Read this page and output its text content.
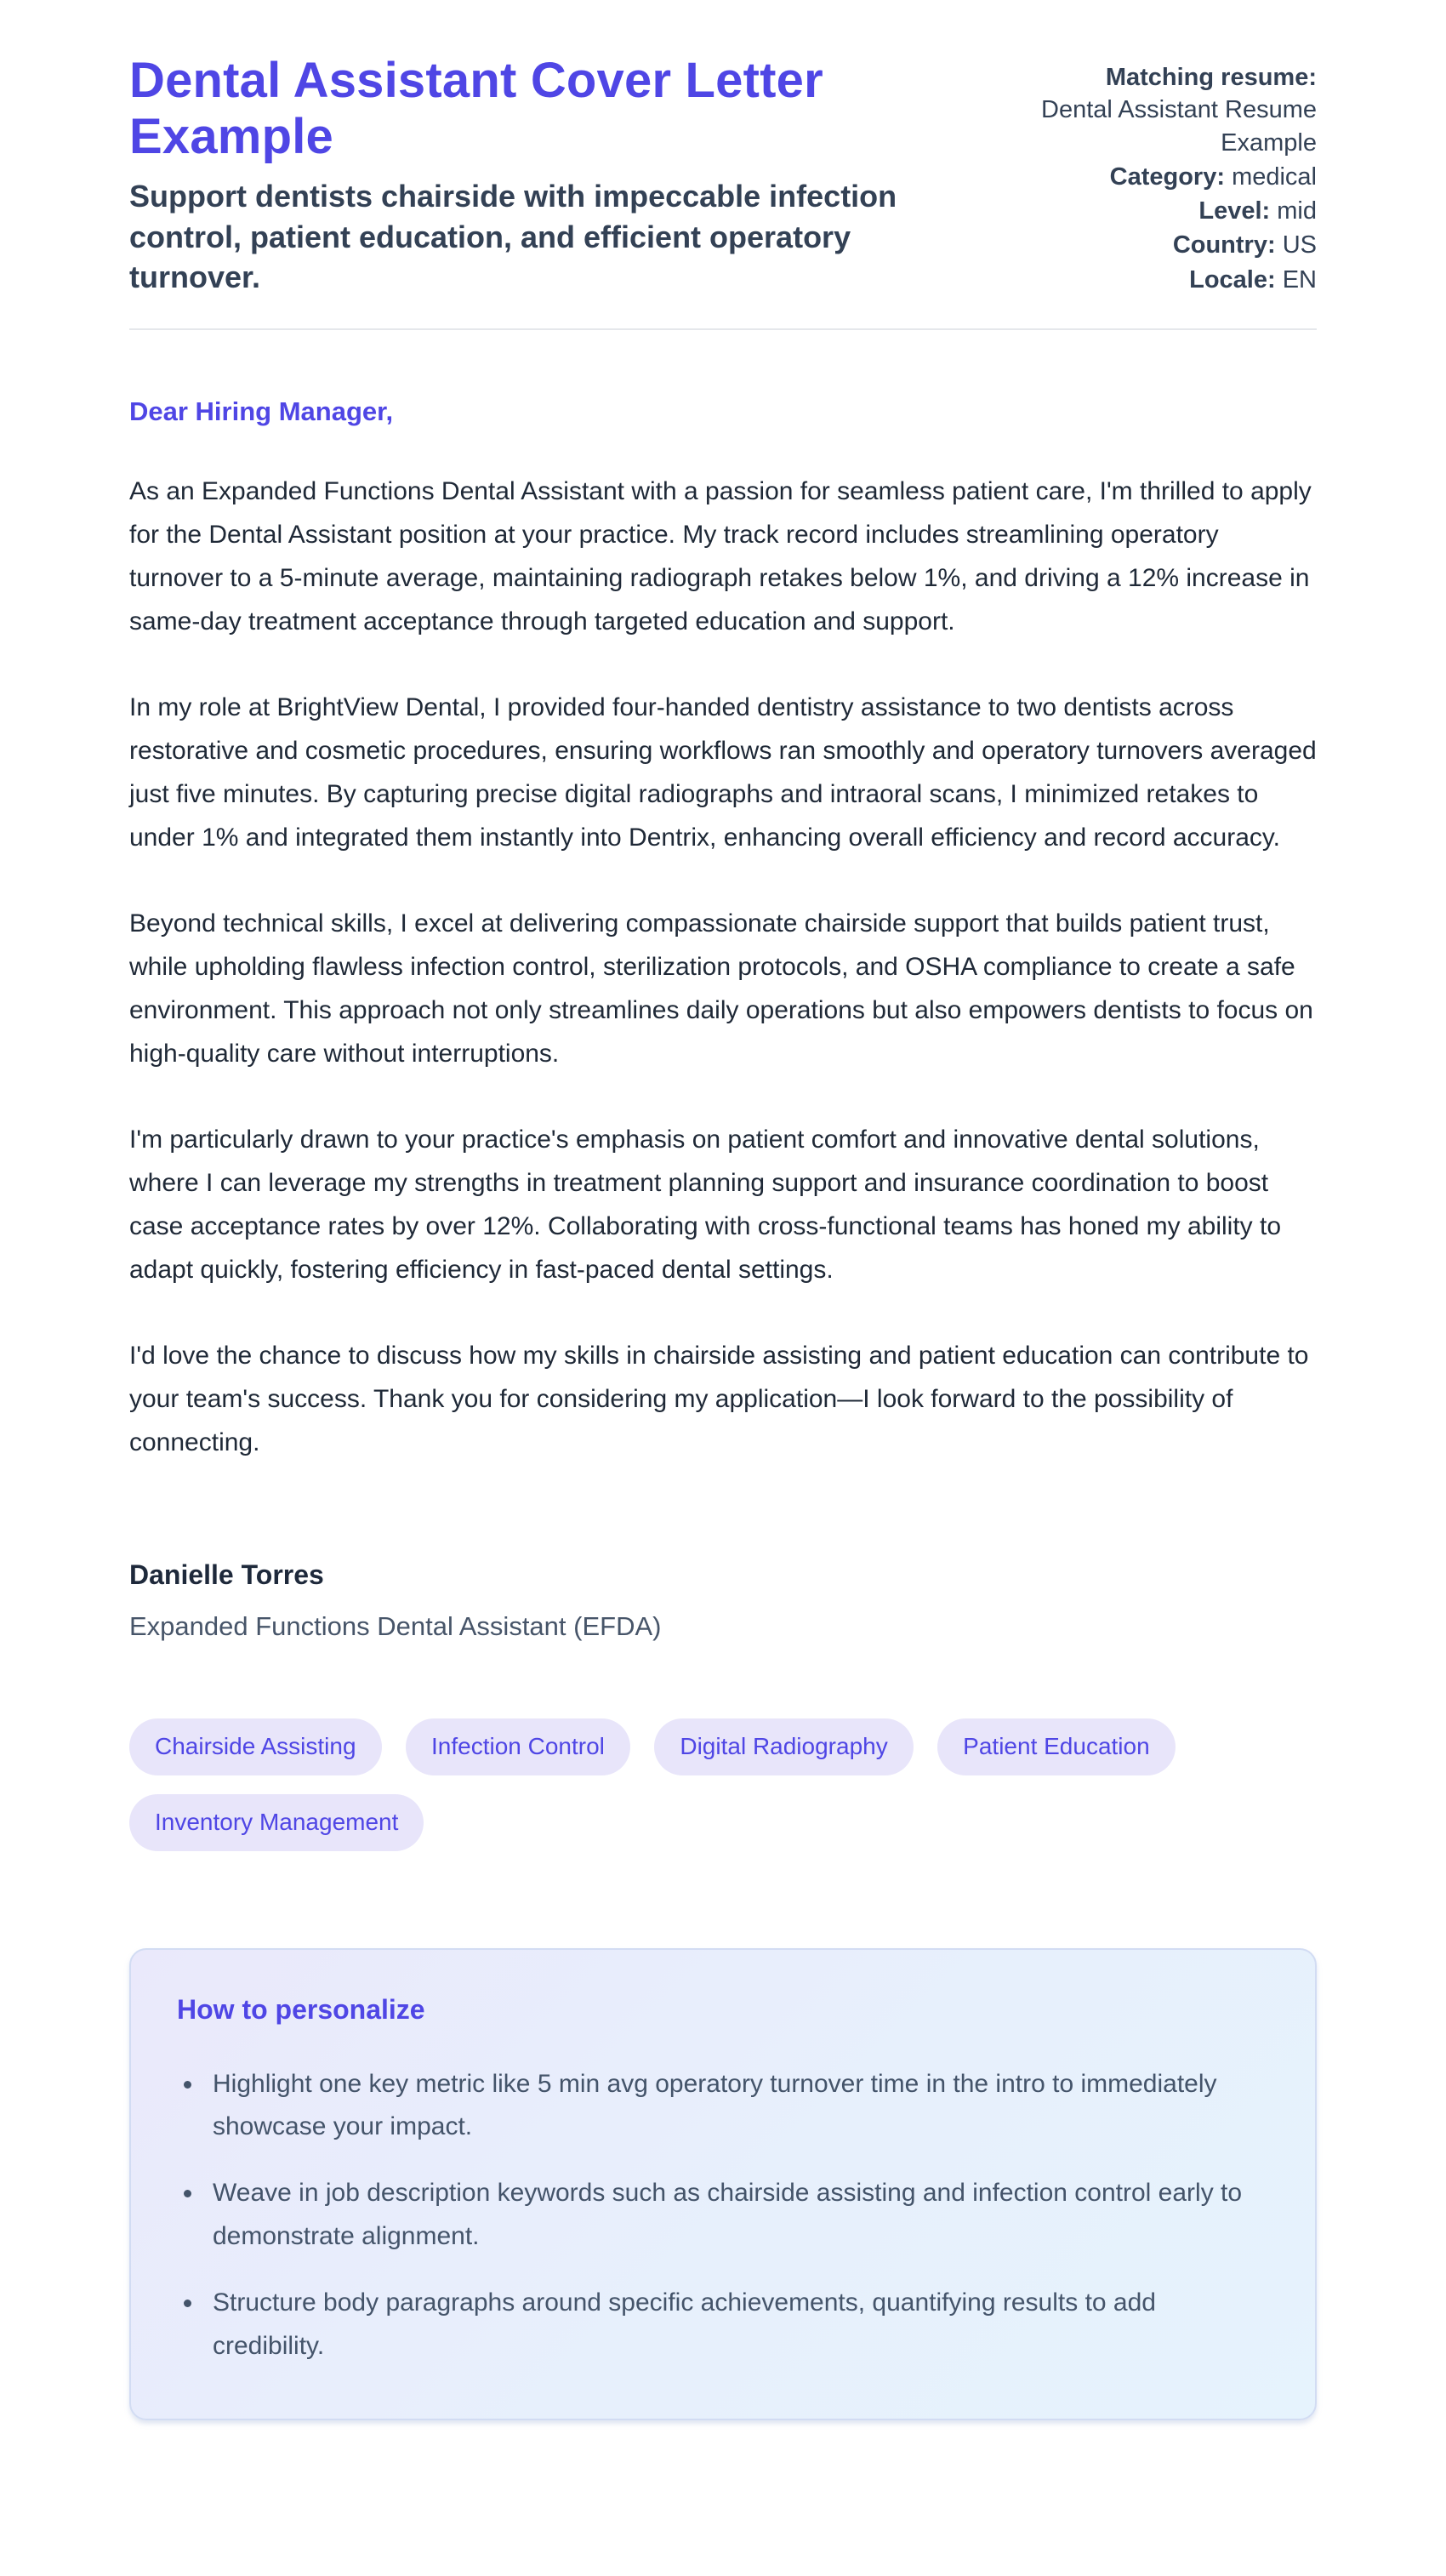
Dental Assistant Cover Letter Example

Support dentists chairside with impeccable infection control, patient education, and efficient operatory turnover.

Matching resume:
Dental Assistant Resume Example
Category: medical
Level: mid
Country: US
Locale: EN

Dear Hiring Manager,

As an Expanded Functions Dental Assistant with a passion for seamless patient care, I'm thrilled to apply for the Dental Assistant position at your practice. My track record includes streamlining operatory turnover to a 5-minute average, maintaining radiograph retakes below 1%, and driving a 12% increase in same-day treatment acceptance through targeted education and support.

In my role at BrightView Dental, I provided four-handed dentistry assistance to two dentists across restorative and cosmetic procedures, ensuring workflows ran smoothly and operatory turnovers averaged just five minutes. By capturing precise digital radiographs and intraoral scans, I minimized retakes to under 1% and integrated them instantly into Dentrix, enhancing overall efficiency and record accuracy.

Beyond technical skills, I excel at delivering compassionate chairside support that builds patient trust, while upholding flawless infection control, sterilization protocols, and OSHA compliance to create a safe environment. This approach not only streamlines daily operations but also empowers dentists to focus on high-quality care without interruptions.

I'm particularly drawn to your practice's emphasis on patient comfort and innovative dental solutions, where I can leverage my strengths in treatment planning support and insurance coordination to boost case acceptance rates by over 12%. Collaborating with cross-functional teams has honed my ability to adapt quickly, fostering efficiency in fast-paced dental settings.

I'd love the chance to discuss how my skills in chairside assisting and patient education can contribute to your team's success. Thank you for considering my application—I look forward to the possibility of connecting.

Danielle Torres

Expanded Functions Dental Assistant (EFDA)

Chairside Assisting	Infection Control	Digital Radiography	Patient Education Inventory Management
How to personalize
• Highlight one key metric like 5 min avg operatory turnover time in the intro to immediately showcase your impact.
• Weave in job description keywords such as chairside assisting and infection control early to demonstrate alignment.
• Structure body paragraphs around specific achievements, quantifying results to add credibility.
